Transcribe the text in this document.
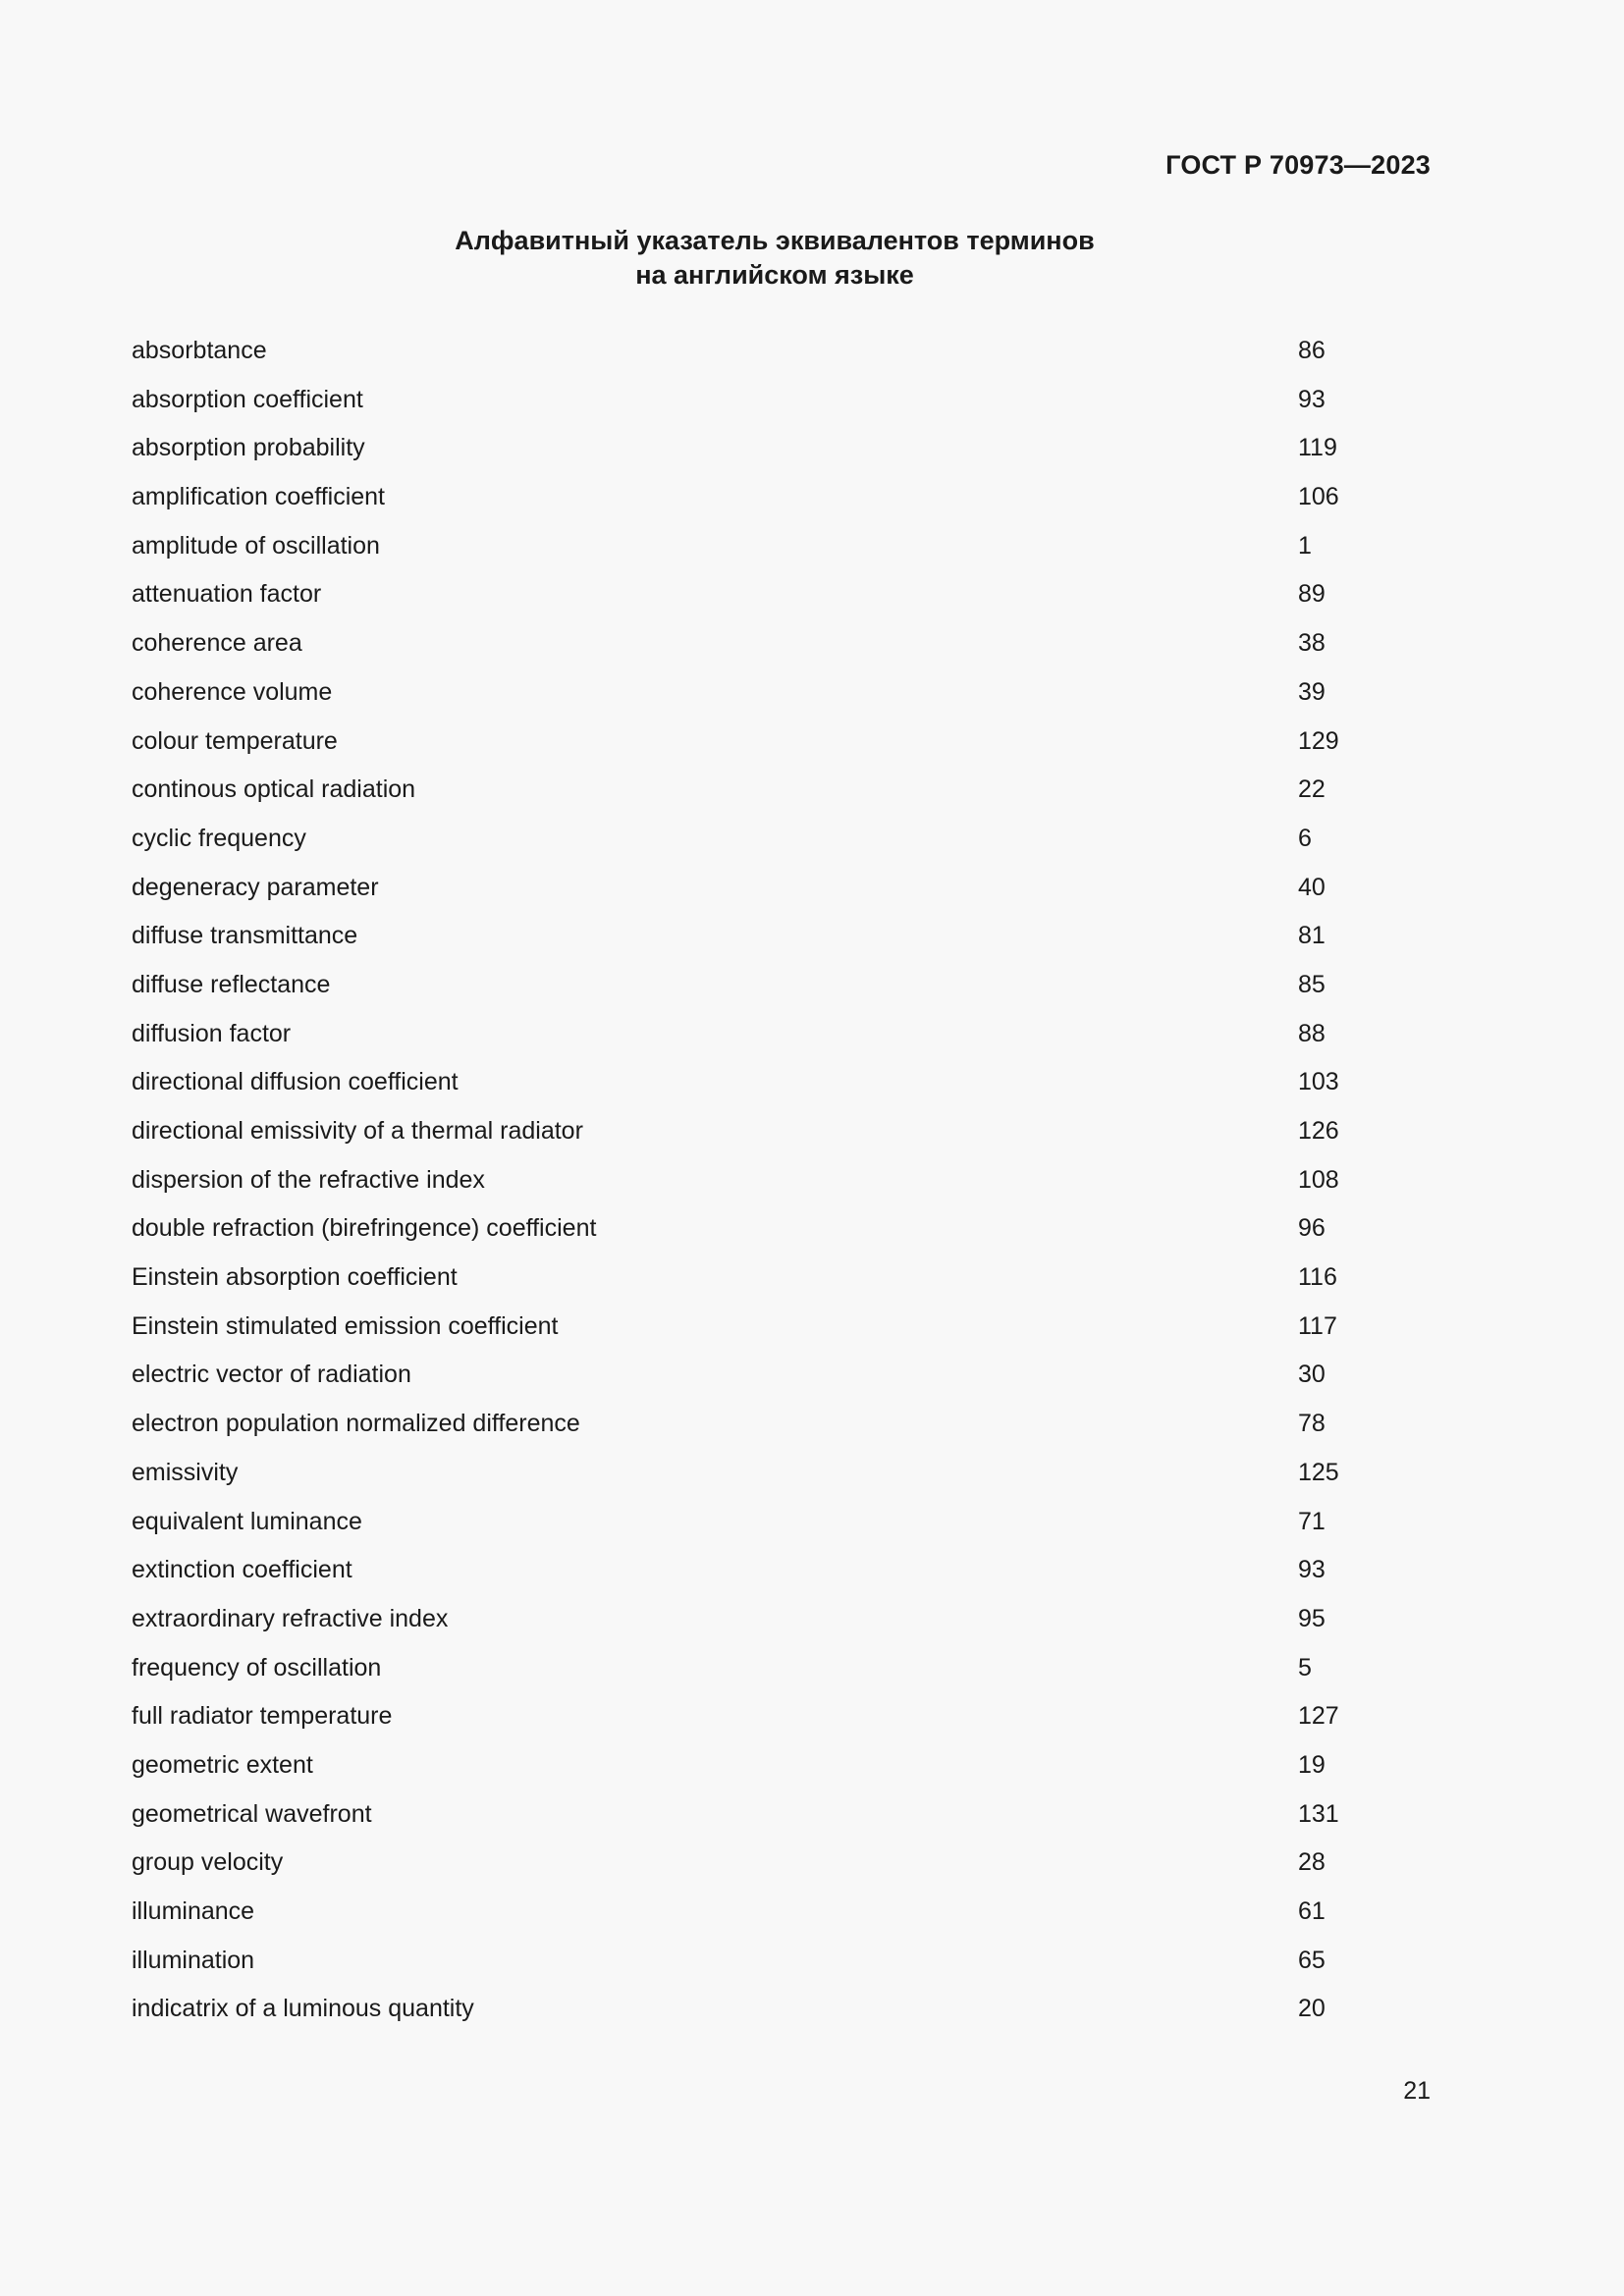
ГОСТ Р 70973—2023
Алфавитный указатель эквивалентов терминов
на английском языке
absorbtance	86
absorption coefficient	93
absorption probability	119
amplification coefficient	106
amplitude of oscillation	1
attenuation factor	89
coherence area	38
coherence volume	39
colour temperature	129
continous optical radiation	22
cyclic frequency	6
degeneracy parameter	40
diffuse transmittance	81
diffuse reflectance	85
diffusion factor	88
directional diffusion coefficient	103
directional emissivity of a thermal radiator	126
dispersion of the refractive index	108
double refraction (birefringence) coefficient	96
Einstein absorption coefficient	116
Einstein stimulated emission coefficient	117
electric vector of radiation	30
electron population normalized difference	78
emissivity	125
equivalent luminance	71
extinction coefficient	93
extraordinary refractive index	95
frequency of oscillation	5
full radiator temperature	127
geometric extent	19
geometrical wavefront	131
group velocity	28
illuminance	61
illumination	65
indicatrix of a luminous quantity	20
21
